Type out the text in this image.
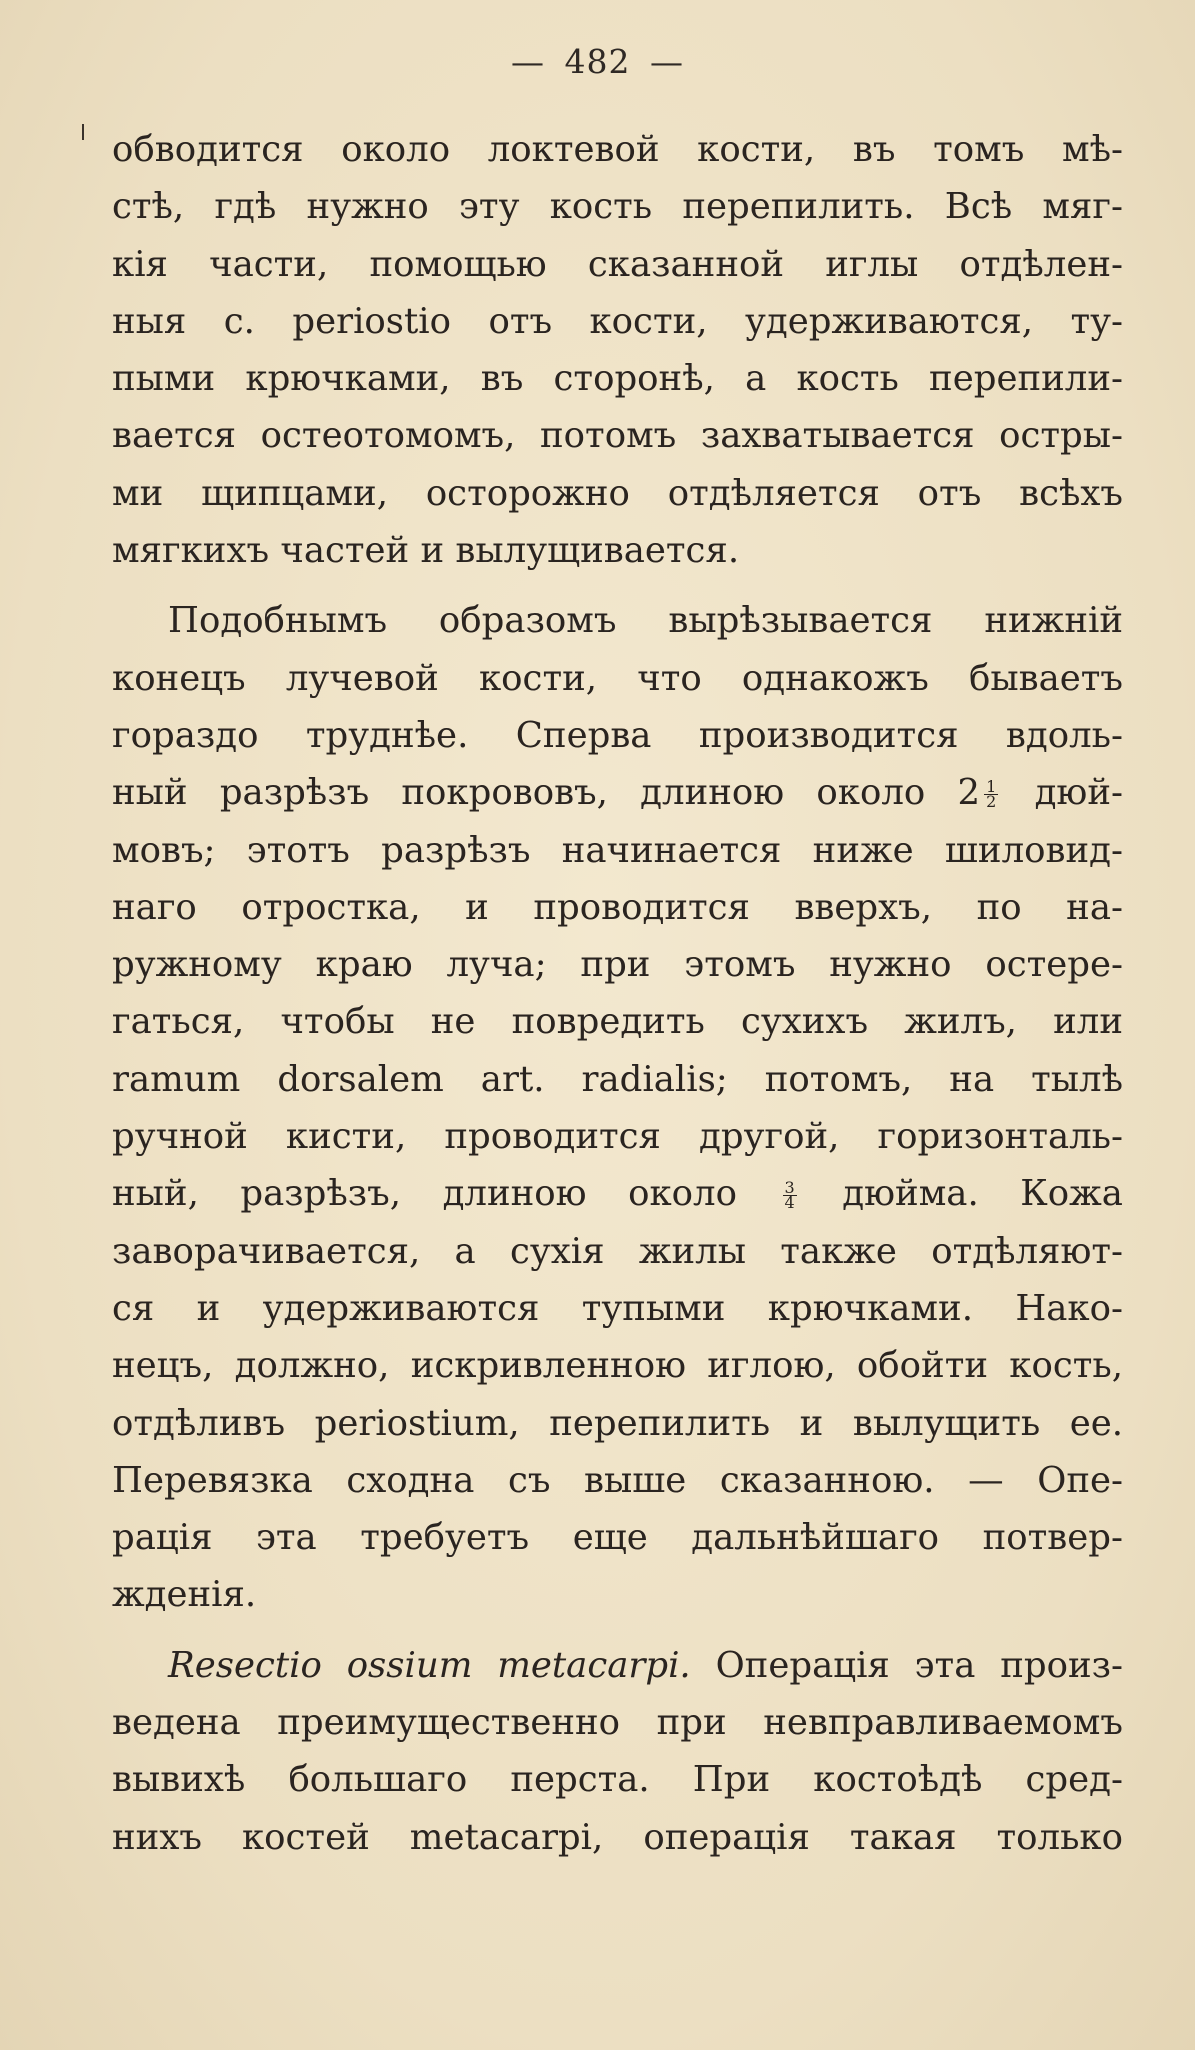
— 482 —
обводится около локтевой кости, въ томъ мѣ-
стѣ, гдѣ нужно эту кость перепилить. Всѣ мяг-
кія части, помощью сказанной иглы отдѣлен-
ныя с. periostio отъ кости, удерживаются, ту-
пыми крючками, въ сторонѣ, а кость перепили-
вается остеотомомъ, потомъ захватывается остры-
ми щипцами, осторожно отдѣляется отъ всѣхъ
мягкихъ частей и вылущивается.
Подобнымъ образомъ вырѣзывается нижній
конецъ лучевой кости, что однакожъ бываетъ
гораздо труднѣе. Сперва производится вдоль-
ный разрѣзъ покрововъ, длиною около $2 \frac{1}{2} дюй-$
мовъ; этотъ разрѣзъ начинается ниже шиловид-
наго отростка, и проводится вверхъ, по на-
ружному краю луча; при этомъ нужно остере-
гаться, чтобы не повредить сухихъ жилъ, или
ramum dorsalem art. radialis; потомъ, на тылѣ
ручной кисти, проводится другой, горизонталь-
ный, разрѣзъ, длиною около	$\frac{3}{4}$ дюйма. Кожа
заворачивается, а сухія жилы также отдѣляют-
ся и удерживаются тупыми крючками. Нако-
нецъ, должно, искривленною иглою, обойти кость,
отдѣливъ periostium, перепилить и вылущить ее.
Перевязка сходна съ выше сказанною. — Опе-
рація эта требуетъ еще дальнѣйшаго потвер-
жденія.
Resectio ossium metacarpi. Операція эта произ-
ведена преимущественно при невправливаемомъ
вывихѣ большаго перста. При костоѣдѣ сред-
нихъ костей metacarpi, операція такая только
